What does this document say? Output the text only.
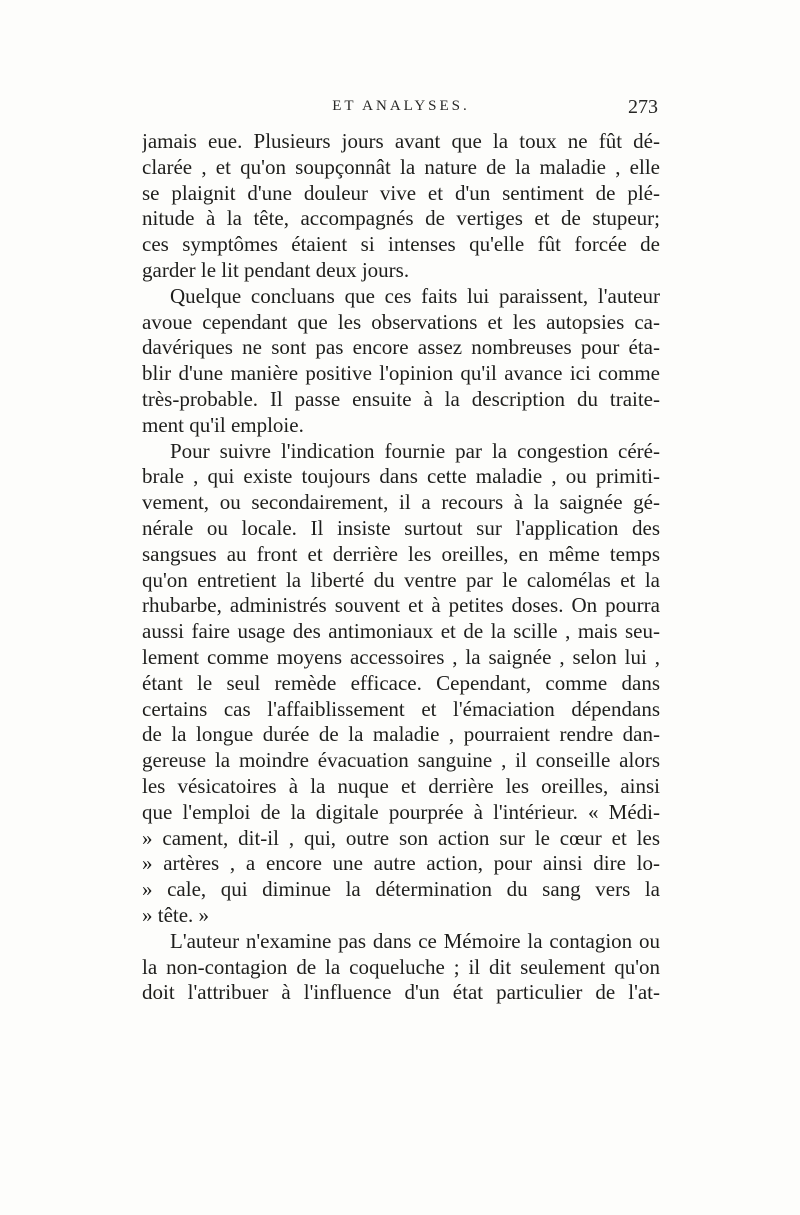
ET ANALYSES.	273
jamais eue. Plusieurs jours avant que la toux ne fût dé-
clarée , et qu'on soupçonnât la nature de la maladie , elle
se plaignit d'une douleur vive et d'un sentiment de plé-
nitude à la tête, accompagnés de vertiges et de stupeur;
ces symptômes étaient si intenses qu'elle fût forcée de
garder le lit pendant deux jours.
Quelque concluans que ces faits lui paraissent, l'auteur
avoue cependant que les observations et les autopsies ca-
davériques ne sont pas encore assez nombreuses pour éta-
blir d'une manière positive l'opinion qu'il avance ici comme
très-probable. Il passe ensuite à la description du traite-
ment qu'il emploie.
Pour suivre l'indication fournie par la congestion céré-
brale , qui existe toujours dans cette maladie , ou primiti-
vement, ou secondairement, il a recours à la saignée gé-
nérale ou locale. Il insiste surtout sur l'application des
sangsues au front et derrière les oreilles, en même temps
qu'on entretient la liberté du ventre par le calomélas et la
rhubarbe, administrés souvent et à petites doses. On pourra
aussi faire usage des antimoniaux et de la scille , mais seu-
lement comme moyens accessoires , la saignée , selon lui ,
étant le seul remède efficace. Cependant, comme dans
certains cas l'affaiblissement et l'émaciation dépendans
de la longue durée de la maladie , pourraient rendre dan-
gereuse la moindre évacuation sanguine , il conseille alors
les vésicatoires à la nuque et derrière les oreilles, ainsi
que l'emploi de la digitale pourprée à l'intérieur. « Médi-
» cament, dit-il , qui, outre son action sur le cœur et les
» artères , a encore une autre action, pour ainsi dire lo-
» cale, qui diminue la détermination du sang vers la
» tête. »
L'auteur n'examine pas dans ce Mémoire la contagion ou
la non-contagion de la coqueluche ; il dit seulement qu'on
doit l'attribuer à l'influence d'un état particulier de l'at-
